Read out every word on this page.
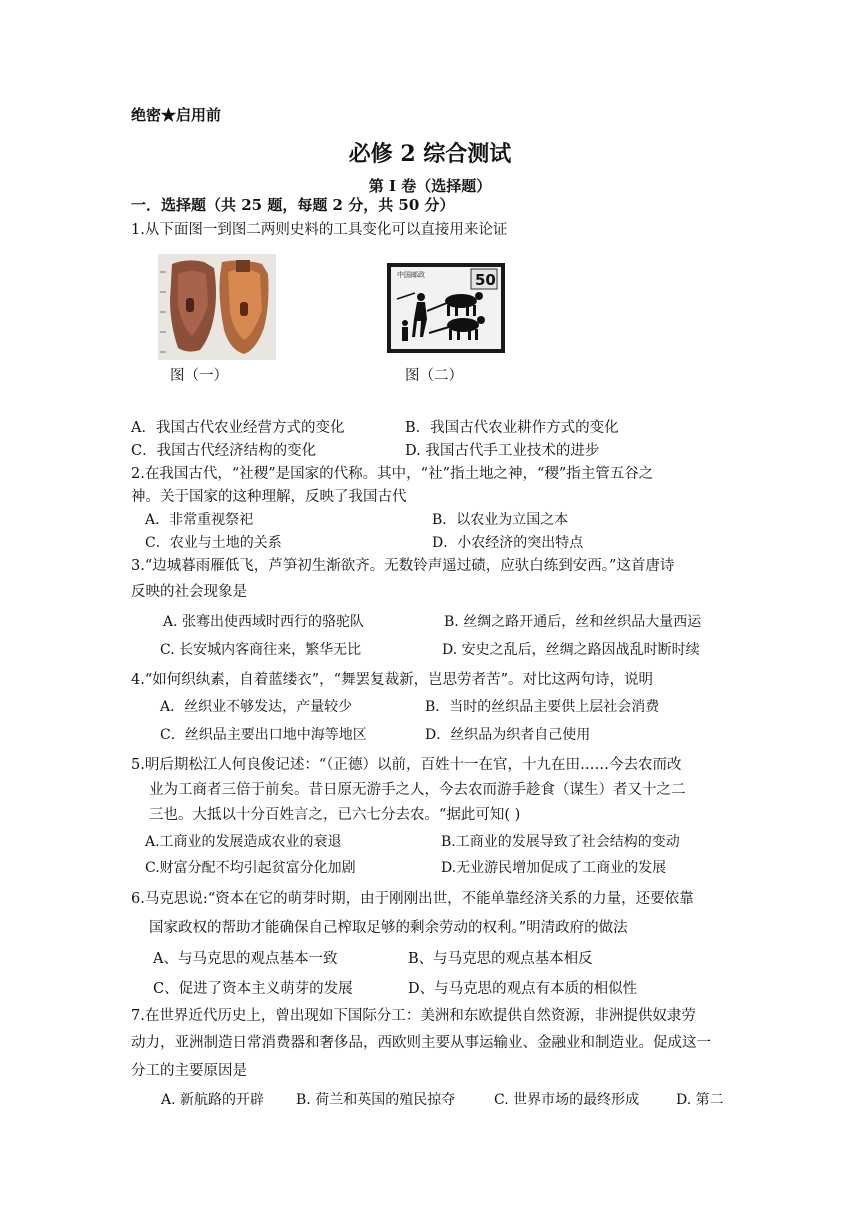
绝密★启用前
必修 2 综合测试
第 I 卷（选择题）
一．选择题（共 25 题，每题 2 分，共 50 分）
1.从下面图一到图二两则史料的工具变化可以直接用来论证
图（一）
中国邮政	50
图（二）
A．我国古代农业经营方式的变化	B．我国古代农业耕作方式的变化
C．我国古代经济结构的变化	D. 我国古代手工业技术的进步
2.在我国古代，“社稷”是国家的代称。其中，“社”指土地之神，“稷”指主管五谷之
神。关于国家的这种理解，反映了我国古代
A．非常重视祭祀	B．以农业为立国之本
C．农业与土地的关系	D．小农经济的突出特点
3.“边城暮雨雁低飞，芦笋初生渐欲齐。无数铃声遥过碛，应驮白练到安西。”这首唐诗
反映的社会现象是
A. 张骞出使西域时西行的骆驼队	B. 丝绸之路开通后，丝和丝织品大量西运
C. 长安城内客商往来，繁华无比	D. 安史之乱后，丝绸之路因战乱时断时续
4.“如何织纨素，自着蓝缕衣”，“舞罢复裁新，岂思劳者苦”。对比这两句诗，说明
A．丝织业不够发达，产量较少	B．当时的丝织品主要供上层社会消费
C．丝织品主要出口地中海等地区	D．丝织品为织者自己使用
5.明后期松江人何良俊记述：“（正德）以前，百姓十一在官，十九在田……今去农而改
业为工商者三倍于前矣。昔日原无游手之人，今去农而游手趁食（谋生）者又十之二
三也。大抵以十分百姓言之，已六七分去农。“据此可知( )
A.工商业的发展造成农业的衰退	B.工商业的发展导致了社会结构的变动
C.财富分配不均引起贫富分化加剧	D.无业游民增加促成了工商业的发展
6.马克思说:“资本在它的萌芽时期，由于刚刚出世，不能单靠经济关系的力量，还要依靠
国家政权的帮助才能确保自己榨取足够的剩余劳动的权利。”明清政府的做法
A、与马克思的观点基本一致	B、与马克思的观点基本相反
C、促进了资本主义萌芽的发展	D、与马克思的观点有本质的相似性
7.在世界近代历史上，曾出现如下国际分工：美洲和东欧提供自然资源，非洲提供奴隶劳
动力，亚洲制造日常消费器和奢侈品，西欧则主要从事运输业、金融业和制造业。促成这一
分工的主要原因是
A. 新航路的开辟 B. 荷兰和英国的殖民掠夺	C. 世界市场的最终形成	D. 第二
